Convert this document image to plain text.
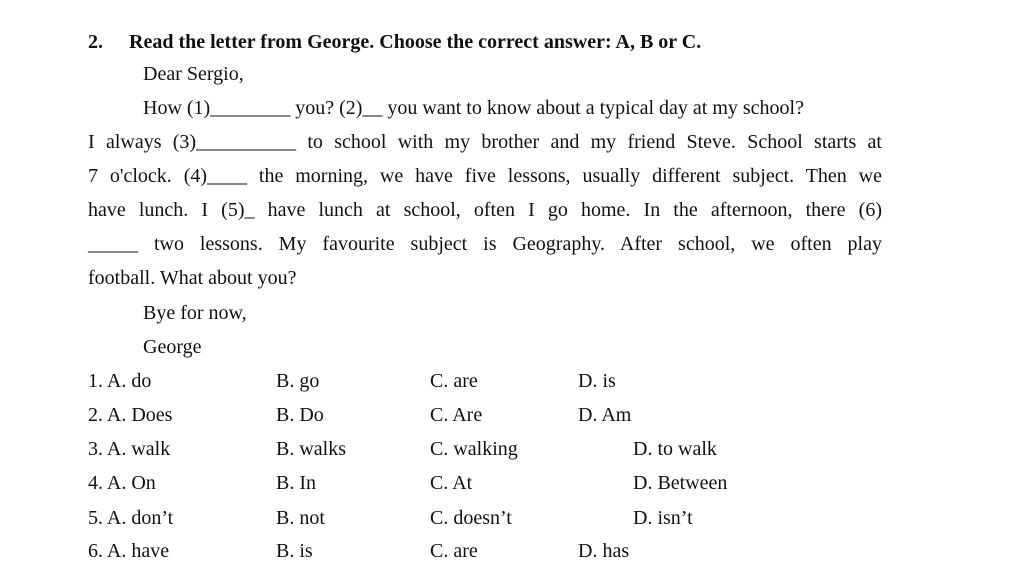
2. Read the letter from George. Choose the correct answer: A, B or C.
Dear Sergio,
How (1)________ you? (2)__ you want to know about a typical day at my school?
I always (3)__________ to school with my brother and my friend Steve. School starts at
7 o'clock. (4)____ the morning, we have five lessons, usually different subject. Then we
have lunch. I (5)_ have lunch at school, often I go home. In the afternoon, there (6)
_____ two lessons. My favourite subject is Geography. After school, we often play
football. What about you?
Bye for now,
George
1. A. do	B. go	C. are	D. is
2. A. Does	B. Do	C. Are	D. Am
3. A. walk	B. walks	C. walking	D. to walk
4. A. On	B. In	C. At	D. Between
5. A. don’t	B. not	C. doesn’t	D. isn’t
6. A. have	B. is	C. are	D. has
